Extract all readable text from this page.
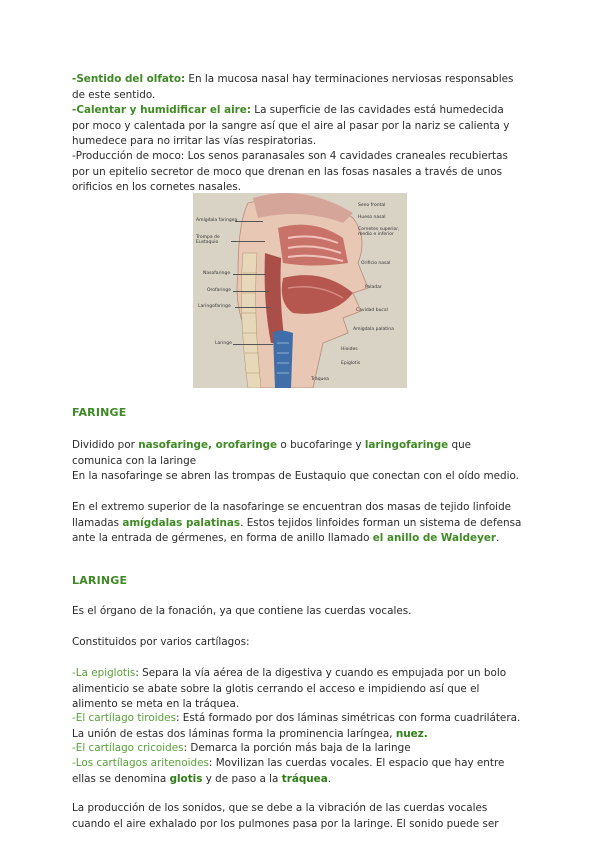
-Sentido del olfato: En la mucosa nasal hay terminaciones nerviosas responsables de este sentido.
-Calentar y humidificar el aire: La superficie de las cavidades está humedecida por moco y calentada por la sangre así que el aire al pasar por la nariz se calienta y humedece para no irritar las vías respiratorias.
-Producción de moco: Los senos paranasales son 4 cavidades craneales recubiertas por un epitelio secretor de moco que drenan en las fosas nasales a través de unos orificios en los cornetes nasales.
Amígdala faringea
Trompa de Eustaquio
Nasofaringe
Orofaringe
Laringofaringe
Laringe
Seno frontal
Hueso nasal
Cornetes superior, medio e inferior
Orificio nasal
Paladar
Cavidad bucal
Amígdala palatina
Hioides
Epiglotis
Tráquea
FARINGE
Dividido por nasofaringe, orofaringe o bucofaringe y laringofaringe que comunica con la laringe
En la nasofaringe se abren las trompas de Eustaquio que conectan con el oído medio.
En el extremo superior de la nasofaringe se encuentran dos masas de tejido linfoide llamadas amígdalas palatinas. Estos tejidos linfoides forman un sistema de defensa ante la entrada de gérmenes, en forma de anillo llamado el anillo de Waldeyer.
LARINGE
Es el órgano de la fonación, ya que contiene las cuerdas vocales.
Constituidos por varios cartílagos:
-La epiglotis: Separa la vía aérea de la digestiva y cuando es empujada por un bolo alimenticio se abate sobre la glotis cerrando el acceso e impidiendo así que el alimento se meta en la tráquea.
-El cartílago tiroides: Está formado por dos láminas simétricas con forma cuadrilátera. La unión de estas dos láminas forma la prominencia laríngea, nuez.
-El cartílago cricoides: Demarca la porción más baja de la laringe
-Los cartílagos aritenoides: Movilizan las cuerdas vocales. El espacio que hay entre ellas se denomina glotis y de paso a la tráquea.
La producción de los sonidos, que se debe a la vibración de las cuerdas vocales cuando el aire exhalado por los pulmones pasa por la laringe. El sonido puede ser
